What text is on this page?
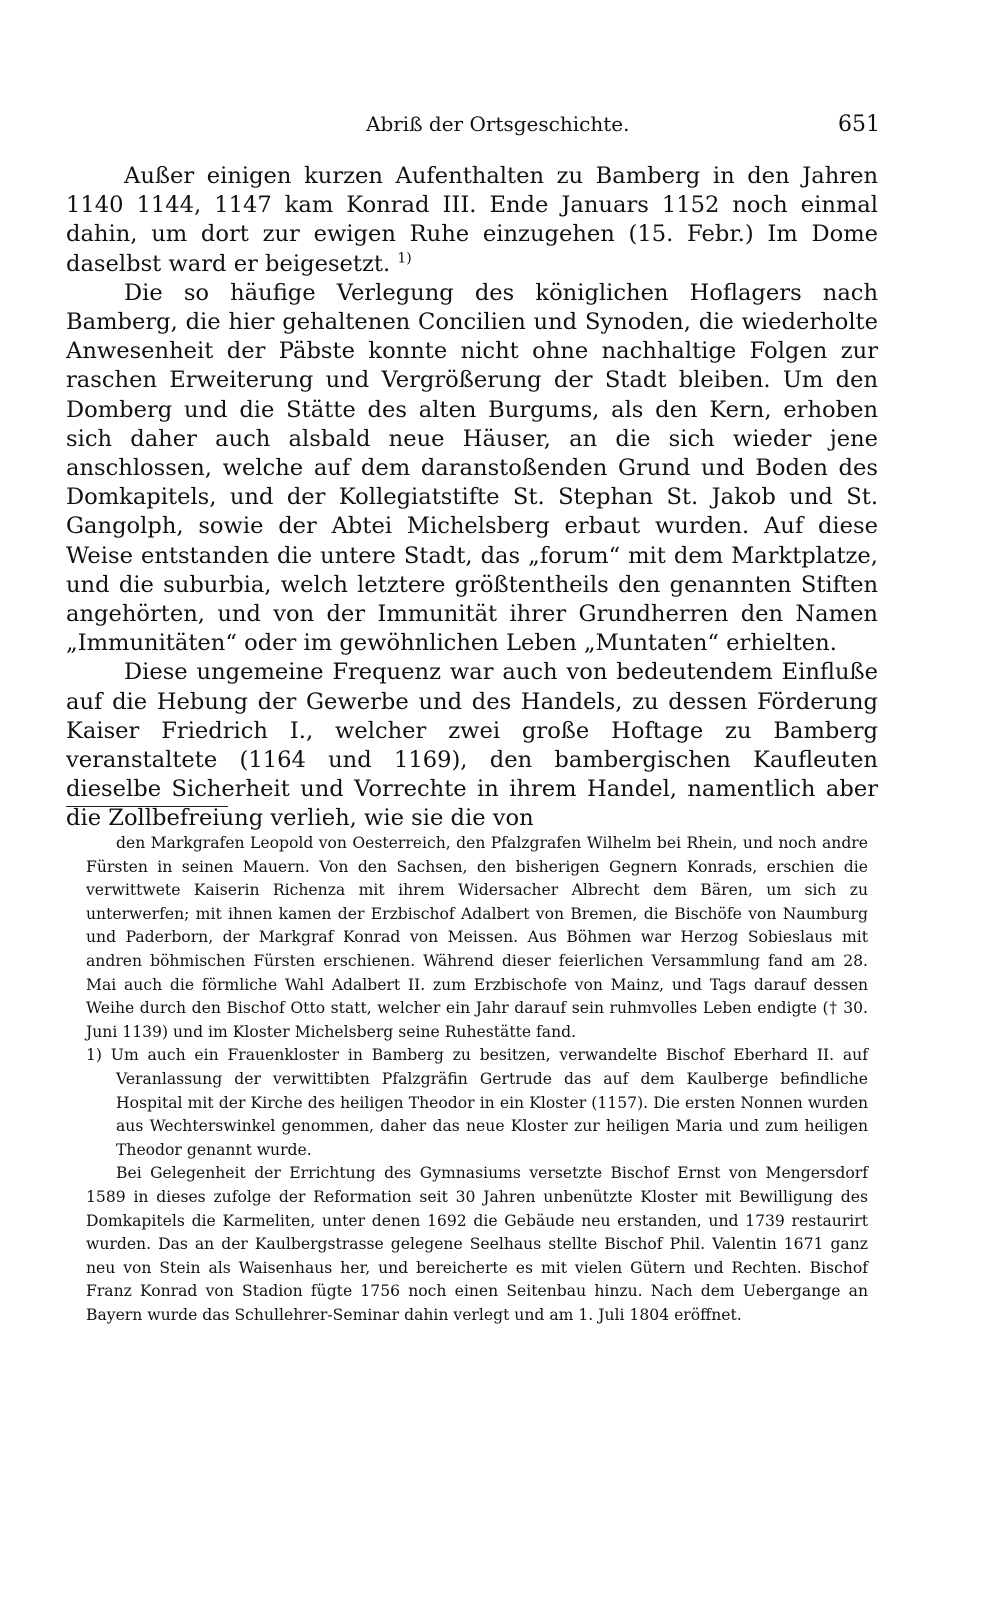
Abriß der Ortsgeschichte.	651

Außer einigen kurzen Aufenthalten zu Bamberg in den Jahren 1140 1144, 1147 kam Konrad III. Ende Januars 1152 noch einmal dahin, um dort zur ewigen Ruhe einzugehen (15. Febr.) Im Dome daselbst ward er beigesetzt. $^{1)}$

Die so häufige Verlegung des königlichen Hoflagers nach Bamberg, die hier gehaltenen Concilien und Synoden, die wiederholte Anwesenheit der Päbste konnte nicht ohne nachhaltige Folgen zur raschen Erweiterung und Vergrößerung der Stadt bleiben. Um den Domberg und die Stätte des alten Burgums, als den Kern, erhoben sich daher auch alsbald neue Häuser, an die sich wieder jene anschlossen, welche auf dem daranstoßenden Grund und Boden des Domkapitels, und der Kollegiatstifte St. Stephan St. Jakob und St. Gangolph, sowie der Abtei Michelsberg erbaut wurden. Auf diese Weise entstanden die untere Stadt, das „forum“ mit dem Marktplatze, und die suburbia, welch letztere größtentheils den genannten Stiften angehörten, und von der Immunität ihrer Grundherren den Namen „Immunitäten“ oder im gewöhnlichen Leben „Muntaten“ erhielten.

Diese ungemeine Frequenz war auch von bedeutendem Einfluße auf die Hebung der Gewerbe und des Handels, zu dessen Förderung Kaiser Friedrich I., welcher zwei große Hoftage zu Bamberg veranstaltete (1164 und 1169), den bambergischen Kaufleuten dieselbe Sicherheit und Vorrechte in ihrem Handel, namentlich aber die Zollbefreiung verlieh, wie sie die von

den Markgrafen Leopold von Oesterreich, den Pfalzgrafen Wilhelm bei Rhein, und noch andre Fürsten in seinen Mauern. Von den Sachsen, den bisherigen Gegnern Konrads, erschien die verwittwete Kaiserin Richenza mit ihrem Widersacher Albrecht dem Bären, um sich zu unterwerfen; mit ihnen kamen der Erzbischof Adalbert von Bremen, die Bischöfe von Naumburg und Paderborn, der Markgraf Konrad von Meissen. Aus Böhmen war Herzog Sobieslaus mit andren böhmischen Fürsten erschienen. Während dieser feierlichen Versammlung fand am 28. Mai auch die förmliche Wahl Adalbert II. zum Erzbischofe von Mainz, und Tags darauf dessen Weihe durch den Bischof Otto statt, welcher ein Jahr darauf sein ruhmvolles Leben endigte († 30. Juni 1139) und im Kloster Michelsberg seine Ruhestätte fand.

1) Um auch ein Frauenkloster in Bamberg zu besitzen, verwandelte Bischof Eberhard II. auf Veranlassung der verwittibten Pfalzgräfin Gertrude das auf dem Kaulberge befindliche Hospital mit der Kirche des heiligen Theodor in ein Kloster (1157). Die ersten Nonnen wurden aus Wechterswinkel genommen, daher das neue Kloster zur heiligen Maria und zum heiligen Theodor genannt wurde.

Bei Gelegenheit der Errichtung des Gymnasiums versetzte Bischof Ernst von Mengersdorf 1589 in dieses zufolge der Reformation seit 30 Jahren unbenützte Kloster mit Bewilligung des Domkapitels die Karmeliten, unter denen 1692 die Gebäude neu erstanden, und 1739 restaurirt wurden. Das an der Kaulbergstrasse gelegene Seelhaus stellte Bischof Phil. Valentin 1671 ganz neu von Stein als Waisenhaus her, und bereicherte es mit vielen Gütern und Rechten. Bischof Franz Konrad von Stadion fügte 1756 noch einen Seitenbau hinzu. Nach dem Uebergange an Bayern wurde das Schullehrer-Seminar dahin verlegt und am 1. Juli 1804 eröffnet.
